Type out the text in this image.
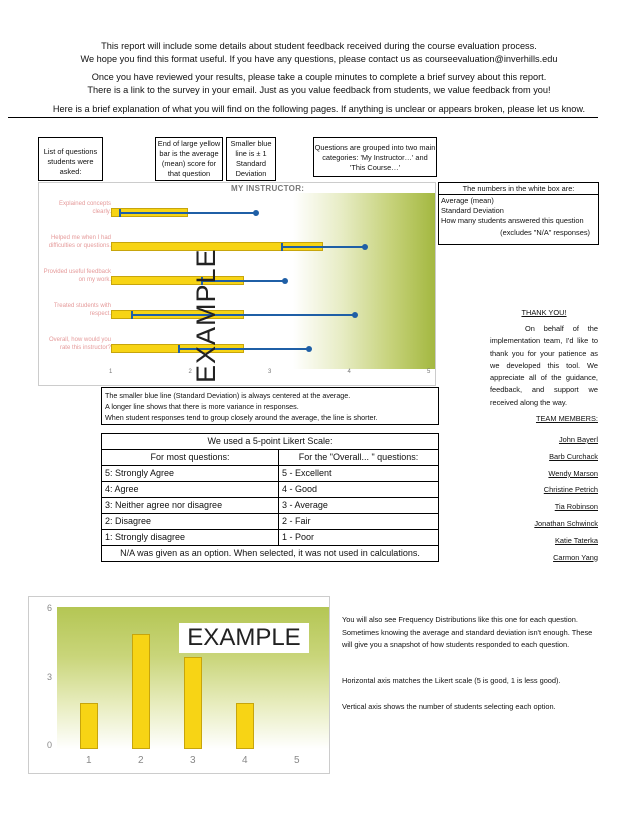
This report will include some details about student feedback received during the course evaluation process.
We hope you find this format useful. If you have any questions, please contact us as courseevaluation@inverhills.edu
Once you have reviewed your results, please take a couple minutes to complete a brief survey about this report.
There is a link to the survey in your email. Just as you value feedback from students, we value feedback from you!
Here is a brief explanation of what you will find on the following pages. If anything is unclear or appears broken, please let us know.
List of questions students were asked:
End of large yellow bar is the average (mean) score for that question
Smaller blue line is ± 1 Standard Deviation
Questions are grouped into two main categories: 'My Instructor…' and 'This Course…'
The numbers in the white box are:
Average (mean)
Standard Deviation
How many students answered this question
(excludes "N/A" responses)
MY INSTRUCTOR:
Explained concepts clearly.
Helped me when I had difficulties or questions.
Provided useful feedback on my work.
Treated students with respect.
Overall, how would you rate this instructor?
1	2	3	4	5
EXAMPLE
The smaller blue line (Standard Deviation) is always centered at the average.
A longer line shows that there is more variance in responses.
When student responses tend to group closely around the average, the line is shorter.
We used a 5-point Likert Scale:	
For most questions:	For the "Overall... " questions:
5: Strongly Agree	5 - Excellent
4: Agree	4 - Good
3: Neither agree nor disagree	3 - Average
2: Disagree	2 - Fair
1: Strongly disagree	1 - Poor
N/A was given as an option. When selected, it was not used in calculations.	
THANK YOU!
On behalf of the implementation team, I'd like to thank you for your patience as we developed this tool. We appreciate all of the guidance, feedback, and support we received along the way.
TEAM MEMBERS:
John Bayerl
Barb Curchack
Wendy Marson
Christine Petrich
Tia Robinson
Jonathan Schwinck
Katie Taterka
Carmon Yang
6
3
0
1	2	3	4	5
EXAMPLE
You will also see Frequency Distributions like this one for each question. Sometimes knowing the average and standard deviation isn't enough. These will give you a snapshot of how students responded to each question.
Horizontal axis matches the Likert scale (5 is good, 1 is less good).
Vertical axis shows the number of students selecting each option.
